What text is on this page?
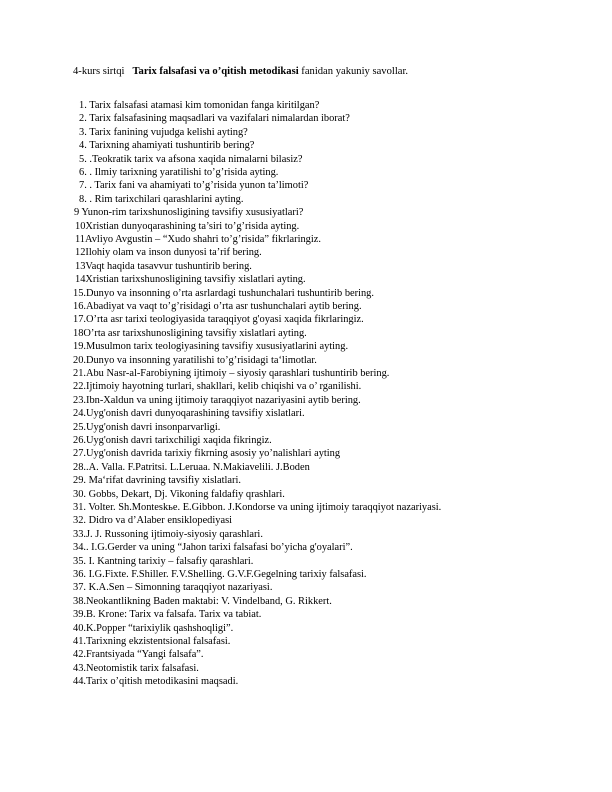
4-kurs sirtqi Tarix falsafasi va o’qitish metodikasi fanidan yakuniy savollar.
1. Tarix falsafasi atamasi kim tomonidan fanga kiritilgan?
2. Tarix falsafasining maqsadlari va vazifalari nimalardan iborat?
3. Tarix fanining vujudga kelishi ayting?
4. Tarixning ahamiyati tushuntirib bering?
5. .Teokratik tarix va afsona xaqida nimalarni bilasiz?
6. . Ilmiy tarixning yaratilishi to’g’risida ayting.
7. . Tarix fani va ahamiyati to’g’risida yunon ta’limoti?
8. . Rim tarixchilari qarashlarini ayting.
9 Yunon-rim tarixshunosligining tavsifiy xususiyatlari?
10Xristian dunyoqarashining ta’siri to’g’risida ayting.
11Avliyo Avgustin – “Xudo shahri to’g’risida” fikrlaringiz.
12Ilohiy olam va inson dunyosi ta’rif bering.
13Vaqt haqida tasavvur tushuntirib bering.
14Xristian tarixshunosligining tavsifiy xislatlari ayting.
15.Dunyo va insonning o’rta asrlardagi tushunchalari tushuntirib bering.
16.Abadiyat va vaqt to’g’risidagi o’rta asr tushunchalari aytib bering.
17.O’rta asr tarixi teologiyasida taraqqiyot g'oyasi xaqida fikrlaringiz.
18O’rta asr tarixshunosligining tavsifiy xislatlari ayting.
19.Musulmon tarix teologiyasining tavsifiy xususiyatlarini ayting.
20.Dunyo va insonning yaratilishi to’g’risidagi taʻlimotlar.
21.Abu Nasr-al-Farobiyning ijtimoiy – siyosiy qarashlari tushuntirib bering.
22.Ijtimoiy hayotning turlari, shakllari, kelib chiqishi va o’ rganilishi.
23.Ibn-Xaldun va uning ijtimoiy taraqqiyot nazariyasini aytib bering.
24.Uyg'onish davri dunyoqarashining tavsifiy xislatlari.
25.Uyg'onish davri insonparvarligi.
26.Uyg'onish davri tarixchiligi xaqida fikringiz.
27.Uyg'onish davrida tarixiy fikrning asosiy yo’nalishlari ayting
28..A. Valla. F.Patritsi. L.Leruaa. N.Makiavelili. J.Boden
29. Maʻrifat davrining tavsifiy xislatlari.
30. Gobbs, Dekart, Dj. Vikoning faldafiy qrashlari.
31. Volter. Sh.Monteskье. E.Gibbon. J.Kondorse va uning ijtimoiy taraqqiyot nazariyasi.
32. Didro va d’Alaber ensiklopediyasi
33.J. J. Russoning ijtimoiy-siyosiy qarashlari.
34.. I.G.Gerder va uning “Jahon tarixi falsafasi bo’yicha g'oyalari”.
35. I. Kantning tarixiy – falsafiy qarashlari.
36. I.G.Fixte. F.Shiller. F.V.Shelling. G.V.F.Gegelning tarixiy falsafasi.
37. K.A.Sen – Simonning taraqqiyot nazariyasi.
38.Neokantlikning Baden maktabi: V. Vindelband, G. Rikkert.
39.B. Krone: Tarix va falsafa. Tarix va tabiat.
40.K.Popper “tarixiylik qashshoqligi”.
41.Tarixning ekzistentsional falsafasi.
42.Frantsiyada “Yangi falsafa”.
43.Neotomistik tarix falsafasi.
44.Tarix o’qitish metodikasini maqsadi.
